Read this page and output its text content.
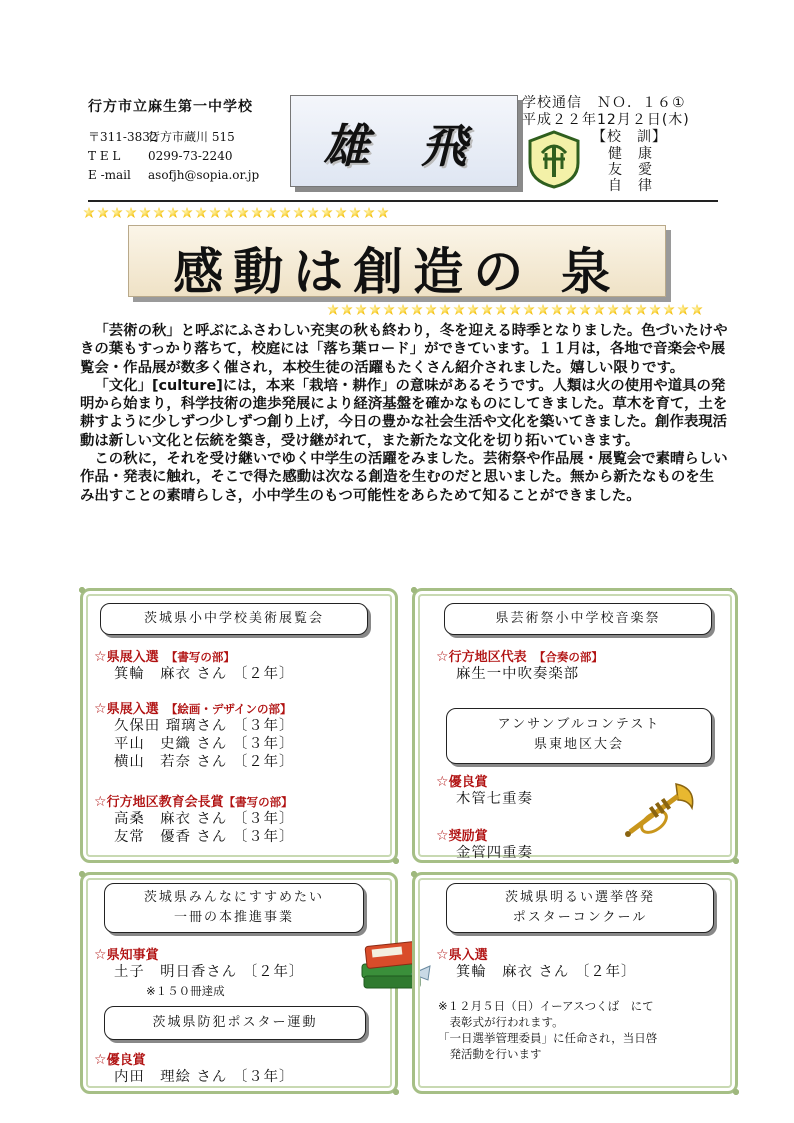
行方市立麻生第一中学校
〒311-3832行方市蔵川 515
T E L 0299-73-2240
E -mail asofjh@sopia.or.jp
雄 飛
学校通信　ＮＯ．１６①
平成２２年12月２日(木)
【校　訓】
健　康
友　愛
自　律
感動は創造の 泉

「芸術の秋」と呼ぶにふさわしい充実の秋も終わり，冬を迎える時季となりました。色づいたけやきの葉もすっかり落ちて，校庭には「落ち葉ロード」ができています。１１月は，各地で音楽会や展覧会・作品展が数多く催され，本校生徒の活躍もたくさん紹介されました。嬉しい限りです。

「文化」[culture]には，本来「栽培・耕作」の意味があるそうです。人類は火の使用や道具の発明から始まり，科学技術の進歩発展により経済基盤を確かなものにしてきました。草木を育て，土を耕すように少しずつ少しずつ創り上げ，今日の豊かな社会生活や文化を築いてきました。創作表現活動は新しい文化と伝統を築き，受け継がれて，また新たな文化を切り拓いていきます。

この秋に，それを受け継いでゆく中学生の活躍をみました。芸術祭や作品展・展覧会で素晴らしい作品・発表に触れ，そこで得た感動は次なる創造を生むのだと思いました。無から新たなものを生み出すことの素晴らしさ，小中学生のもつ可能性をあらためて知ることができました。

。
茨城県小中学校美術展覧会
☆県展入選　 【書写の部】
箕輪　麻衣 さん 〔２年〕
☆県展入選　 【絵画・デザインの部】
久保田 瑠璃さん 〔３年〕
平山　史織 さん 〔３年〕
横山　若奈 さん 〔２年〕
☆行方地区教育会長賞【書写の部】
高桑　麻衣 さん 〔３年〕
友常　優香 さん 〔３年〕
県芸術祭小中学校音楽祭
☆行方地区代表　 【合奏の部】
麻生一中吹奏楽部
アンサンブルコンテスト
県東地区大会
☆優良賞
木管七重奏
☆奨励賞
金管四重奏
茨城県みんなにすすめたい
一冊の本推進事業
☆県知事賞
土子　明日香さん 〔２年〕
※１５０冊達成
茨城県防犯ポスター運動
☆優良賞
内田　理絵 さん 〔３年〕
茨城県明るい選挙啓発
ポスターコンクール
☆県入選
箕輪　麻衣 さん 〔２年〕
※１２月５日（日）イーアスつくば　にて
　表彰式が行われます。
「一日選挙管理委員」に任命され，当日啓
　発活動を行います
